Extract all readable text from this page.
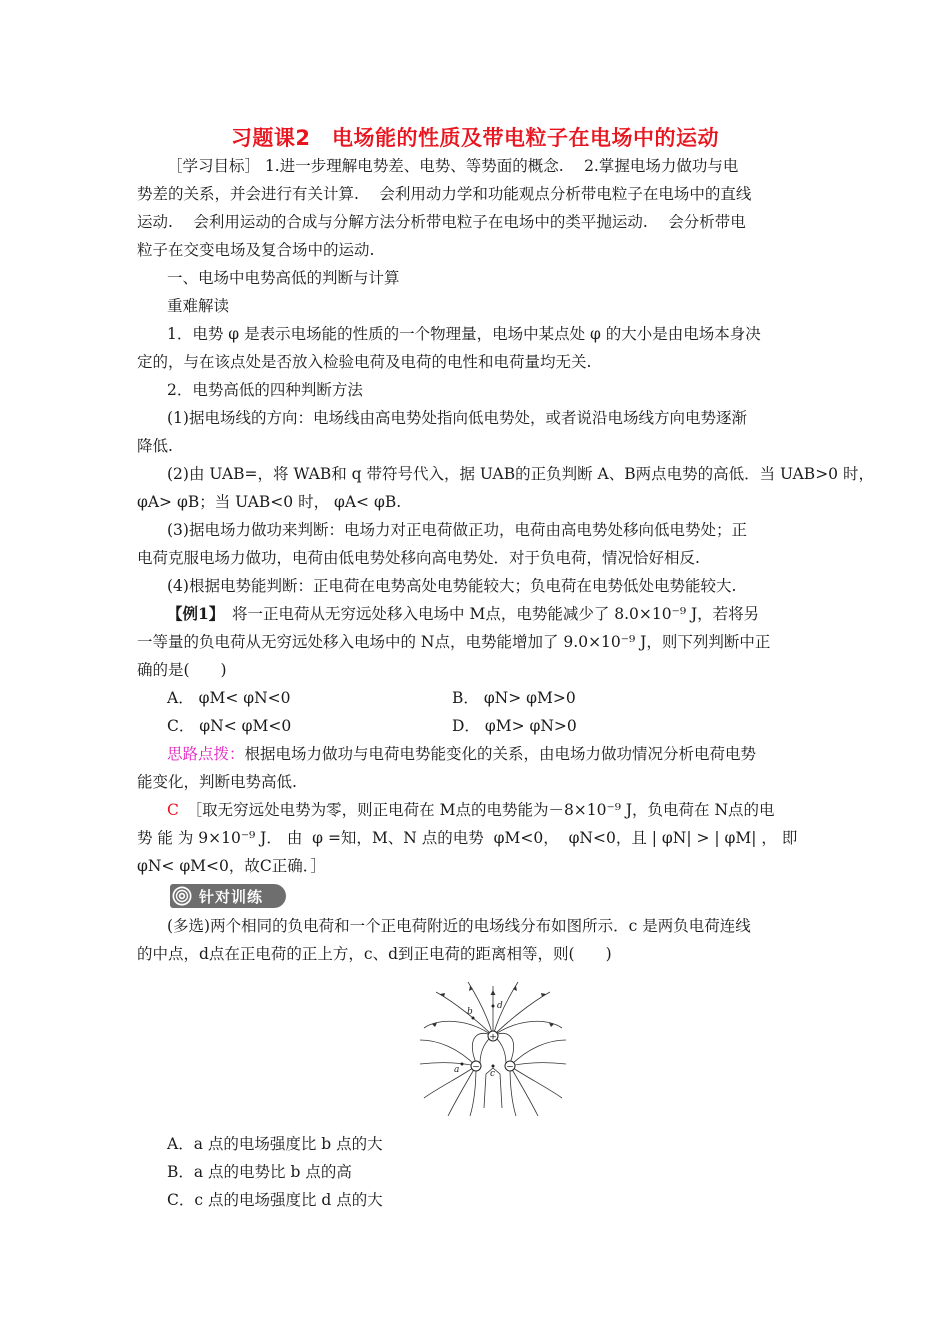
习题课2　电场能的性质及带电粒子在电场中的运动
［学习目标］ 1.进一步理解电势差、电势、等势面的概念.　 2.掌握电场力做功与电
势差的关系，并会进行有关计算.　 会利用动力学和功能观点分析带电粒子在电场中的直线
运动.　 会利用运动的合成与分解方法分析带电粒子在电场中的类平抛运动.　 会分析带电
粒子在交变电场及复合场中的运动.
一、电场中电势高低的判断与计算
重难解读
1．电势 φ 是表示电场能的性质的一个物理量，电场中某点处 φ 的大小是由电场本身决
定的，与在该点处是否放入检验电荷及电荷的电性和电荷量均无关.
2．电势高低的四种判断方法
(1)据电场线的方向：电场线由高电势处指向低电势处，或者说沿电场线方向电势逐渐
降低.
(2)由 UAB=，将 WAB和 q 带符号代入，据 UAB的正负判断 A、B两点电势的高低．当 UAB>0 时，
φA> φB；当 UAB<0 时， φA< φB.
(3)据电场力做功来判断：电场力对正电荷做正功，电荷由高电势处移向低电势处；正
电荷克服电场力做功，电荷由低电势处移向高电势处．对于负电荷，情况恰好相反.
(4)根据电势能判断：正电荷在电势高处电势能较大；负电荷在电势低处电势能较大.
【例1】　将一正电荷从无穷远处移入电场中 M点，电势能减少了 8.0×10⁻⁹ J，若将另
一等量的负电荷从无穷远处移入电场中的 N点，电势能增加了 9.0×10⁻⁹ J，则下列判断中正
确的是(　　)
A． φM< φN<0	B． φN> φM>0
C． φN< φM<0	D． φM> φN>0
思路点拨：根据电场力做功与电荷电势能变化的关系，由电场力做功情况分析电荷电势
能变化，判断电势高低.
C　 ［取无穷远处电势为零，则正电荷在 M点的电势能为－8×10⁻⁹ J，负电荷在 N点的电
势 能 为 9×10⁻⁹ J． 由  φ =知，M、N 点的电势  φM<0，  φN<0，且 | φN| > | φM| ， 即
φN< φM<0，故C正确．］
针对训练
(多选)两个相同的负电荷和一个正电荷附近的电场线分布如图所示．c 是两负电荷连线
的中点，d点在正电荷的正上方，c、d到正电荷的距离相等，则(　　)
+
−	−
b
d
a	c
A．a 点的电场强度比 b 点的大
B．a 点的电势比 b 点的高
C．c 点的电场强度比 d 点的大
